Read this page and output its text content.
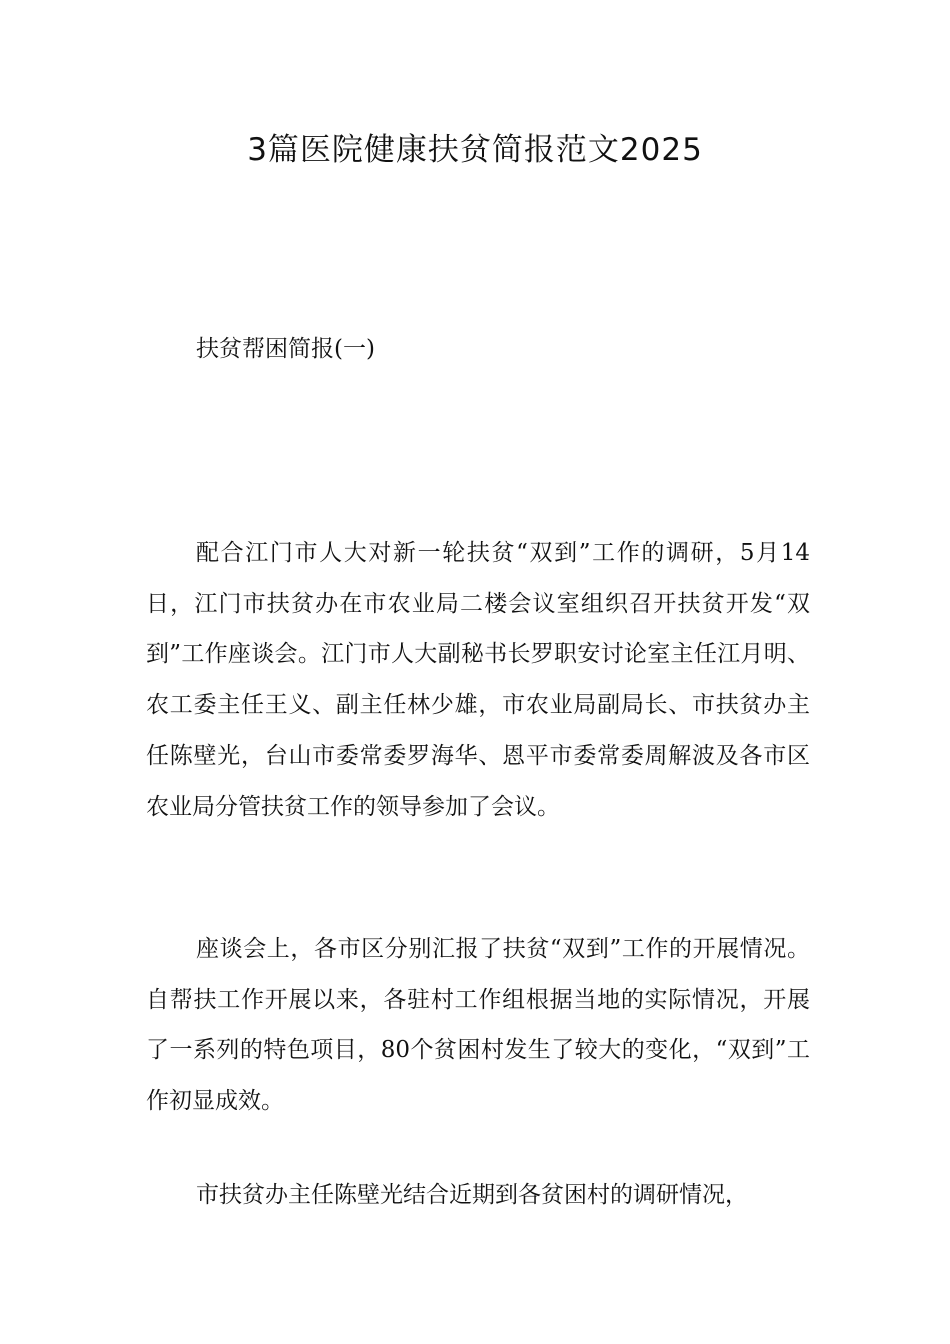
3篇医院健康扶贫简报范文2025
扶贫帮困简报(一)

配合江门市人大对新一轮扶贫“双到”工作的调研，5月14日，江门市扶贫办在市农业局二楼会议室组织召开扶贫开发“双到”工作座谈会。江门市人大副秘书长罗职安讨论室主任江月明、农工委主任王义、副主任林少雄，市农业局副局长、市扶贫办主任陈壁光，台山市委常委罗海华、恩平市委常委周解波及各市区农业局分管扶贫工作的领导参加了会议。

座谈会上，各市区分别汇报了扶贫“双到”工作的开展情况。自帮扶工作开展以来，各驻村工作组根据当地的实际情况，开展了一系列的特色项目，80个贫困村发生了较大的变化，“双到”工作初显成效。

市扶贫办主任陈壁光结合近期到各贫困村的调研情况，
